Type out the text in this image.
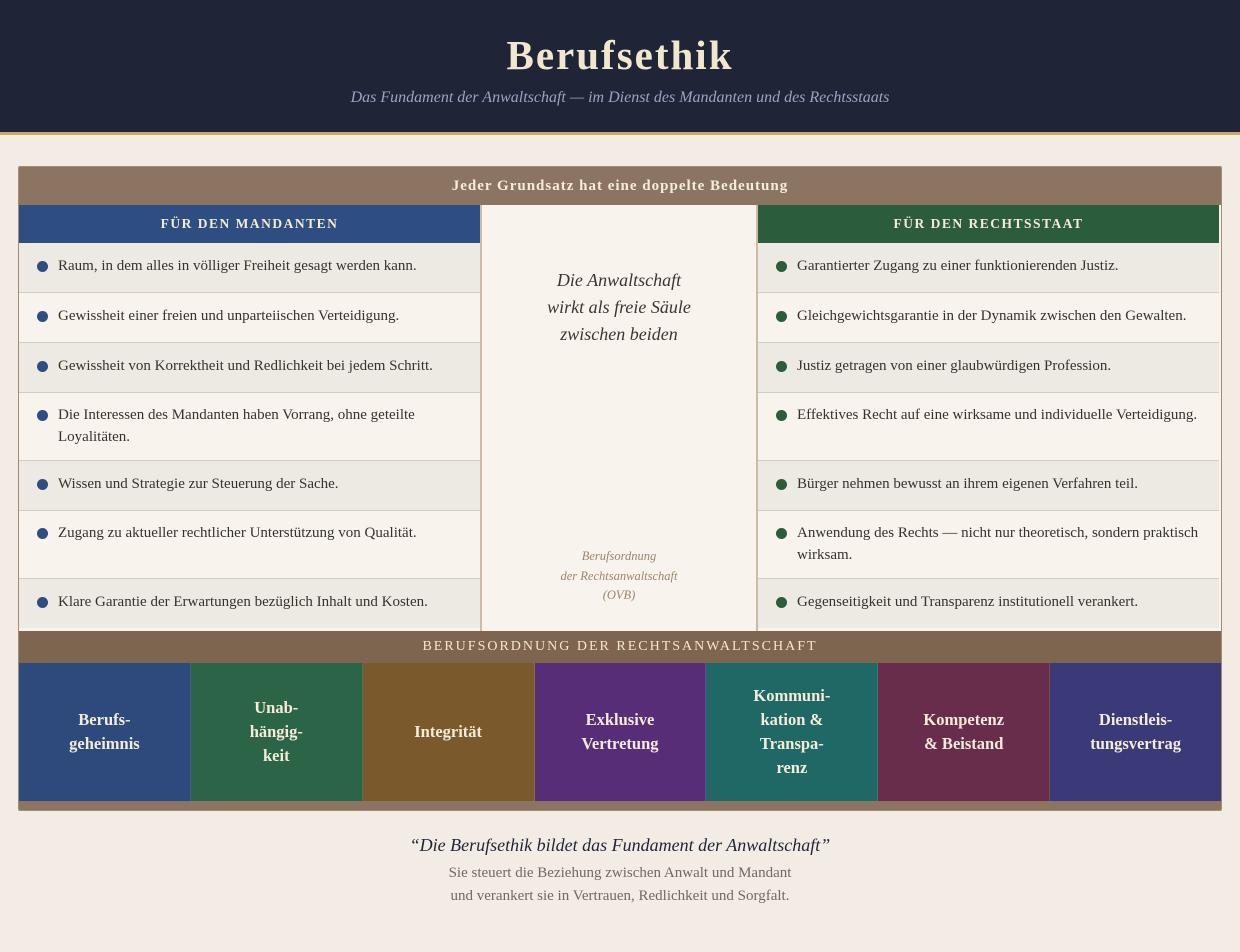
Berufsethik
Das Fundament der Anwaltschaft — im Dienst des Mandanten und des Rechtsstaats
Jeder Grundsatz hat eine doppelte Bedeutung
FÜR DEN MANDANTEN
Raum, in dem alles in völliger Freiheit gesagt werden kann.
Gewissheit einer freien und unparteiischen Verteidigung.
Gewissheit von Korrektheit und Redlichkeit bei jedem Schritt.
Die Interessen des Mandanten haben Vorrang, ohne geteilte Loyalitäten.
Wissen und Strategie zur Steuerung der Sache.
Zugang zu aktueller rechtlicher Unterstützung von Qualität.
Klare Garantie der Erwartungen bezüglich Inhalt und Kosten.
Die Anwaltschaft
wirkt als freie Säule
zwischen beiden
Berufsordnung
der Rechtsanwaltschaft
(OVB)
FÜR DEN RECHTSSTAAT
Garantierter Zugang zu einer funktionierenden Justiz.
Gleichgewichtsgarantie in der Dynamik zwischen den Gewalten.
Justiz getragen von einer glaubwürdigen Profession.
Effektives Recht auf eine wirksame und individuelle Verteidigung.
Bürger nehmen bewusst an ihrem eigenen Verfahren teil.
Anwendung des Rechts — nicht nur theoretisch, sondern praktisch wirksam.
Gegenseitigkeit und Transparenz institutionell verankert.
BERUFSORDNUNG DER RECHTSANWALTSCHAFT
Berufs-
geheimnis
Unab-
hängig-
keit
Integrität
Exklusive
Vertretung
Kommuni-
kation &
Transpa-
renz
Kompetenz
& Beistand
Dienstleis-
tungsvertrag
“Die Berufsethik bildet das Fundament der Anwaltschaft”
Sie steuert die Beziehung zwischen Anwalt und Mandant
und verankert sie in Vertrauen, Redlichkeit und Sorgfalt.
